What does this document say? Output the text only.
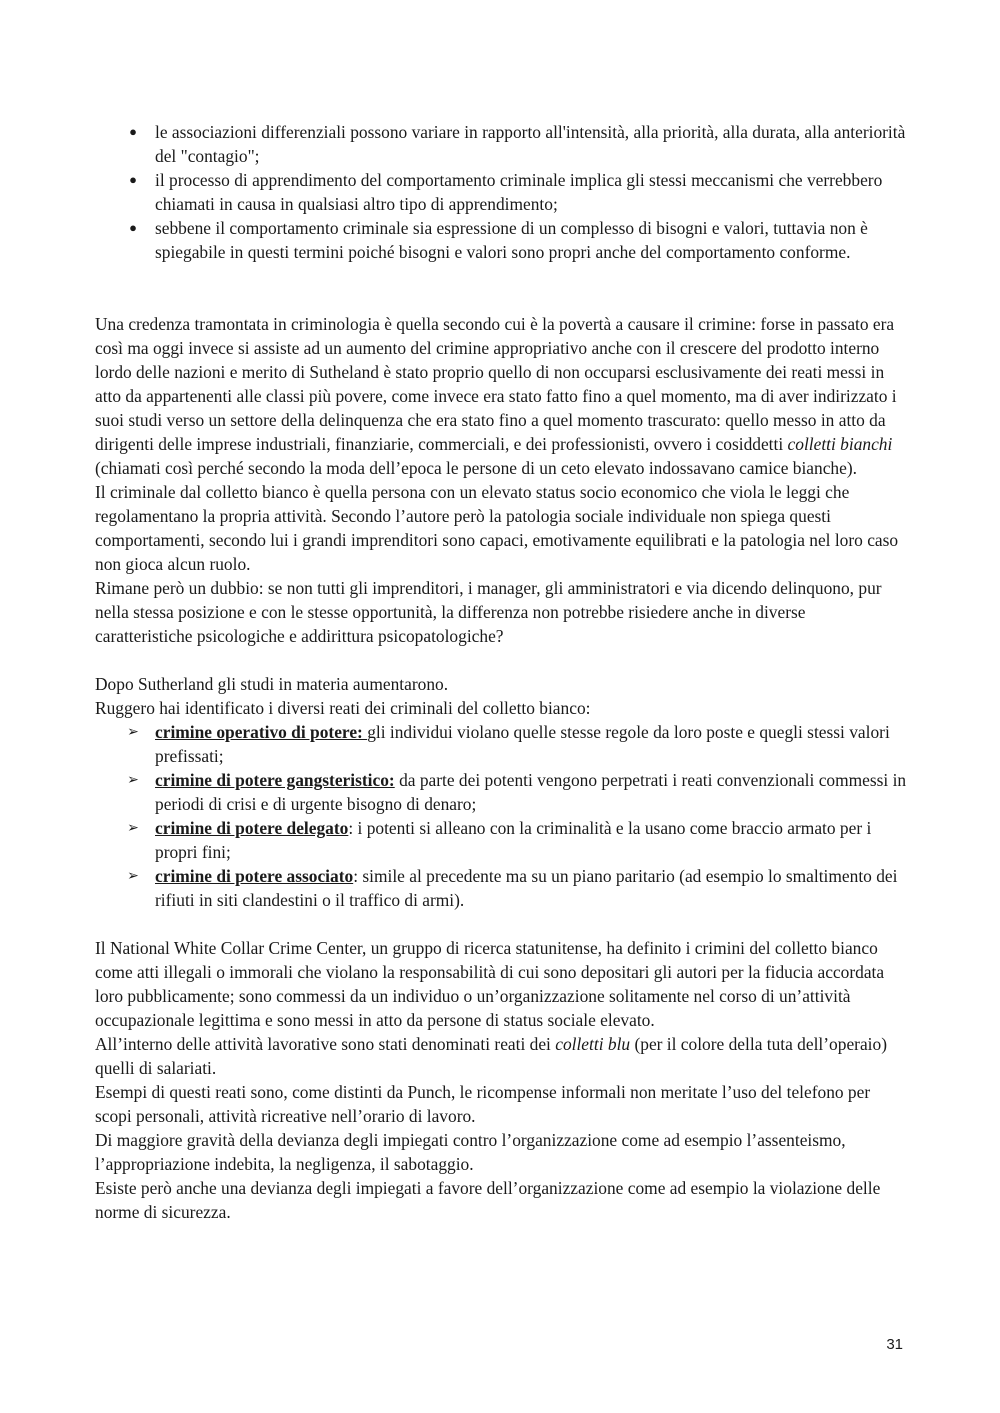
● le associazioni differenziali possono variare in rapporto all'intensità, alla priorità, alla durata, alla anteriorità del "contagio";
● il processo di apprendimento del comportamento criminale implica gli stessi meccanismi che verrebbero chiamati in causa in qualsiasi altro tipo di apprendimento;
● sebbene il comportamento criminale sia espressione di un complesso di bisogni e valori, tuttavia non è spiegabile in questi termini poiché bisogni e valori sono propri anche del comportamento conforme.

Una credenza tramontata in criminologia è quella secondo cui è la povertà a causare il crimine: forse in passato era così ma oggi invece si assiste ad un aumento del crimine appropriativo anche con il crescere del prodotto interno lordo delle nazioni e merito di Sutheland è stato proprio quello di non occuparsi esclusivamente dei reati messi in atto da appartenenti alle classi più povere, come invece era stato fatto fino a quel momento, ma di aver indirizzato i suoi studi verso un settore della delinquenza che era stato fino a quel momento trascurato: quello messo in atto da dirigenti delle imprese industriali, finanziarie, commerciali, e dei professionisti, ovvero i cosiddetti colletti bianchi (chiamati così perché secondo la moda dell’epoca le persone di un ceto elevato indossavano camice bianche).

Il criminale dal colletto bianco è quella persona con un elevato status socio economico che viola le leggi che regolamentano la propria attività. Secondo l’autore però la patologia sociale individuale non spiega questi comportamenti, secondo lui i grandi imprenditori sono capaci, emotivamente equilibrati e la patologia nel loro caso non gioca alcun ruolo.

Rimane però un dubbio: se non tutti gli imprenditori, i manager, gli amministratori e via dicendo delinquono, pur nella stessa posizione e con le stesse opportunità, la differenza non potrebbe risiedere anche in diverse caratteristiche psicologiche e addirittura psicopatologiche?

Dopo Sutherland gli studi in materia aumentarono.

Ruggero hai identificato i diversi reati dei criminali del colletto bianco:

➢ crimine operativo di potere: gli individui violano quelle stesse regole da loro poste e quegli stessi valori prefissati;
➢ crimine di potere gangsteristico: da parte dei potenti vengono perpetrati i reati convenzionali commessi in periodi di crisi e di urgente bisogno di denaro;
➢ crimine di potere delegato: i potenti si alleano con la criminalità e la usano come braccio armato per i propri fini;
➢ crimine di potere associato: simile al precedente ma su un piano paritario (ad esempio lo smaltimento dei rifiuti in siti clandestini o il traffico di armi).

Il National White Collar Crime Center, un gruppo di ricerca statunitense, ha definito i crimini del colletto bianco come atti illegali o immorali che violano la responsabilità di cui sono depositari gli autori per la fiducia accordata loro pubblicamente; sono commessi da un individuo o un’organizzazione solitamente nel corso di un’attività occupazionale legittima e sono messi in atto da persone di status sociale elevato.

All’interno delle attività lavorative sono stati denominati reati dei colletti blu (per il colore della tuta dell’operaio) quelli di salariati.

Esempi di questi reati sono, come distinti da Punch, le ricompense informali non meritate l’uso del telefono per scopi personali, attività ricreative nell’orario di lavoro.

Di maggiore gravità della devianza degli impiegati contro l’organizzazione come ad esempio l’assenteismo, l’appropriazione indebita, la negligenza, il sabotaggio.

Esiste però anche una devianza degli impiegati a favore dell’organizzazione come ad esempio la violazione delle norme di sicurezza.

31
